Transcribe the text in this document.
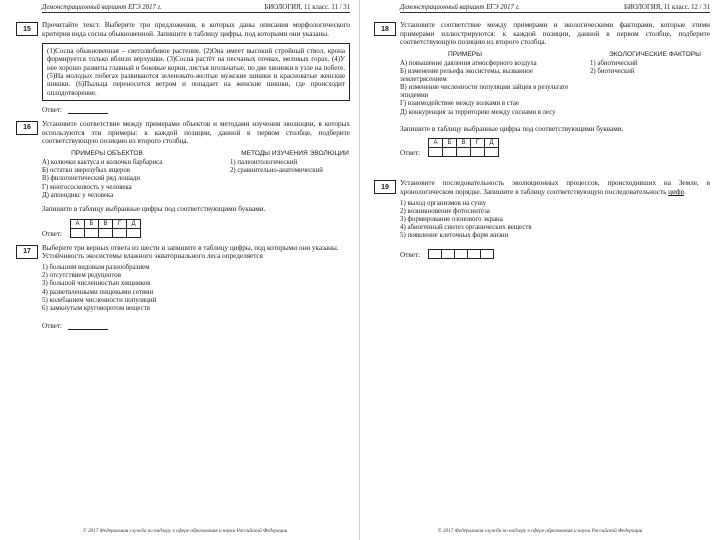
Демонстрационный вариант ЕГЭ 2017 г.	БИОЛОГИЯ, 11 класс. 11 / 31
15	Прочитайте текст. Выберите три предложения, в которых даны описания морфологического критерия вида сосны обыкновенной. Запишите в таблицу цифры, под которыми они указаны.
(1)Сосна обыкновенная – светолюбивое растение. (2)Она имеет высокий стройный ствол, крона формируется только вблизи верхушки. (3)Сосна растёт на песчаных почвах, меловых горах. (4)У нее хорошо развиты главный и боковые корни, листья игольчатые, по две хвоинки в узле на побеге. (5)На молодых побегах развиваются зеленовато-желтые мужские шишки и красноватые женские шишки. (6)Пыльца переносится ветром и попадает на женские шишки, где происходит оплодотворение.
Ответ:
16	Установите соответствие между примерами объектов и методами изучения эволюции, в которых используются эти примеры: к каждой позиции, данной в первом столбце, подберите соответствующую позицию из второго столбца.
ПРИМЕРЫ ОБЪЕКТОВ	МЕТОДЫ ИЗУЧЕНИЯ ЭВОЛЮЦИИ
А) колючки кактуса и колючки барбариса
Б) остатки зверозубых ящеров
В) филогенетический ряд лошади
Г) многососковость у человека
Д) аппендикс у человека
1) палеонтологический
2) сравнительно-анатомический
Запишите в таблицу выбранные цифры под соответствующими буквами.
Ответ:
А	Б	В	Г	Д

17	Выберите три верных ответа из шести и запишите в таблицу цифры, под которыми они указаны.
Устойчивость экосистемы влажного экваториального леса определяется
1) большим видовым разнообразием
2) отсутствием редуцентов
3) большой численностью хищников
4) разветвленными пищевыми сетями
5) колебанием численности популяций
6) замкнутым круговоротом веществ
Ответ:
© 2017 Федеральная служба по надзору в сфере образования и науки Российской Федерации
Демонстрационный вариант ЕГЭ 2017 г.	БИОЛОГИЯ, 11 класс. 12 / 31
18	Установите соответствие между примерами и экологическими факторами, которые этими примерами иллюстрируются: к каждой позиции, данной в первом столбце, подберите соответствующую позицию из второго столбца.
ПРИМЕРЫ	ЭКОЛОГИЧЕСКИЕ ФАКТОРЫ
А) повышение давления атмосферного воздуха
Б) изменение рельефа экосистемы, вызванное землетрясением
В) изменение численности популяции зайцев в результате эпидемии
Г) взаимодействие между волками в стае
Д) конкуренция за территорию между соснами в лесу
1) абиотический
2) биотический
Запишите в таблицу выбранные цифры под соответствующими буквами.
Ответ:
А	Б	В	Г	Д

19	Установите последовательность эволюционных процессов, происходивших на Земле, в хронологическом порядке. Запишите в таблицу соответствующую последовательность цифр.
1) выход организмов на сушу
2) возникновение фотосинтеза
3) формирование озонового экрана
4) абиогенный синтез органических веществ
5) появление клеточных форм жизни
Ответ:

© 2017 Федеральная служба по надзору в сфере образования и науки Российской Федерации
